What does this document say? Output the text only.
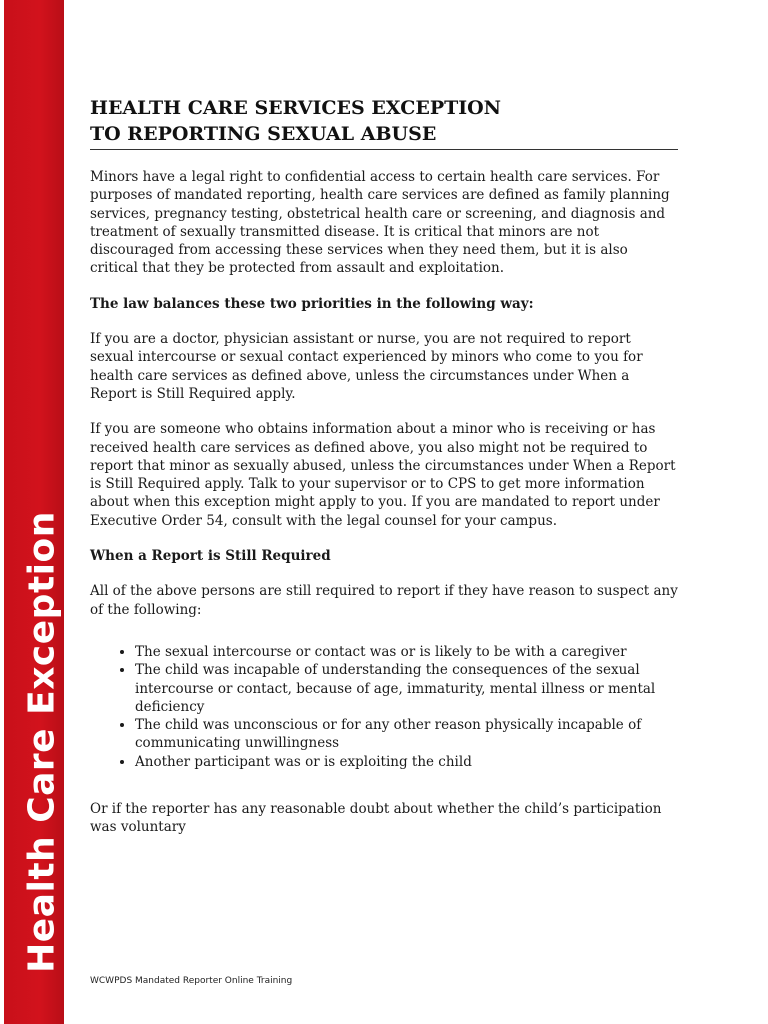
Health Care Exception
HEALTH CARE SERVICES EXCEPTION
TO REPORTING SEXUAL ABUSE

Minors have a legal right to confidential access to certain health care services. For purposes of mandated reporting, health care services are defined as family planning services, pregnancy testing, obstetrical health care or screening, and diagnosis and treatment of sexually transmitted disease. It is critical that minors are not discouraged from accessing these services when they need them, but it is also critical that they be protected from assault and exploitation.

The law balances these two priorities in the following way:

If you are a doctor, physician assistant or nurse, you are not required to report sexual intercourse or sexual contact experienced by minors who come to you for health care services as defined above, unless the circumstances under When a Report is Still Required apply.

If you are someone who obtains information about a minor who is receiving or has received health care services as defined above, you also might not be required to report that minor as sexually abused, unless the circumstances under When a Report is Still Required apply. Talk to your supervisor or to CPS to get more information about when this exception might apply to you. If you are mandated to report under Executive Order 54, consult with the legal counsel for your campus.

When a Report is Still Required

All of the above persons are still required to report if they have reason to suspect any of the following:

• The sexual intercourse or contact was or is likely to be with a caregiver
• The child was incapable of understanding the consequences of the sexual intercourse or contact, because of age, immaturity, mental illness or mental deficiency
• The child was unconscious or for any other reason physically incapable of communicating unwillingness
• Another participant was or is exploiting the child

Or if the reporter has any reasonable doubt about whether the child’s participation was voluntary

WCWPDS Mandated Reporter Online Training
